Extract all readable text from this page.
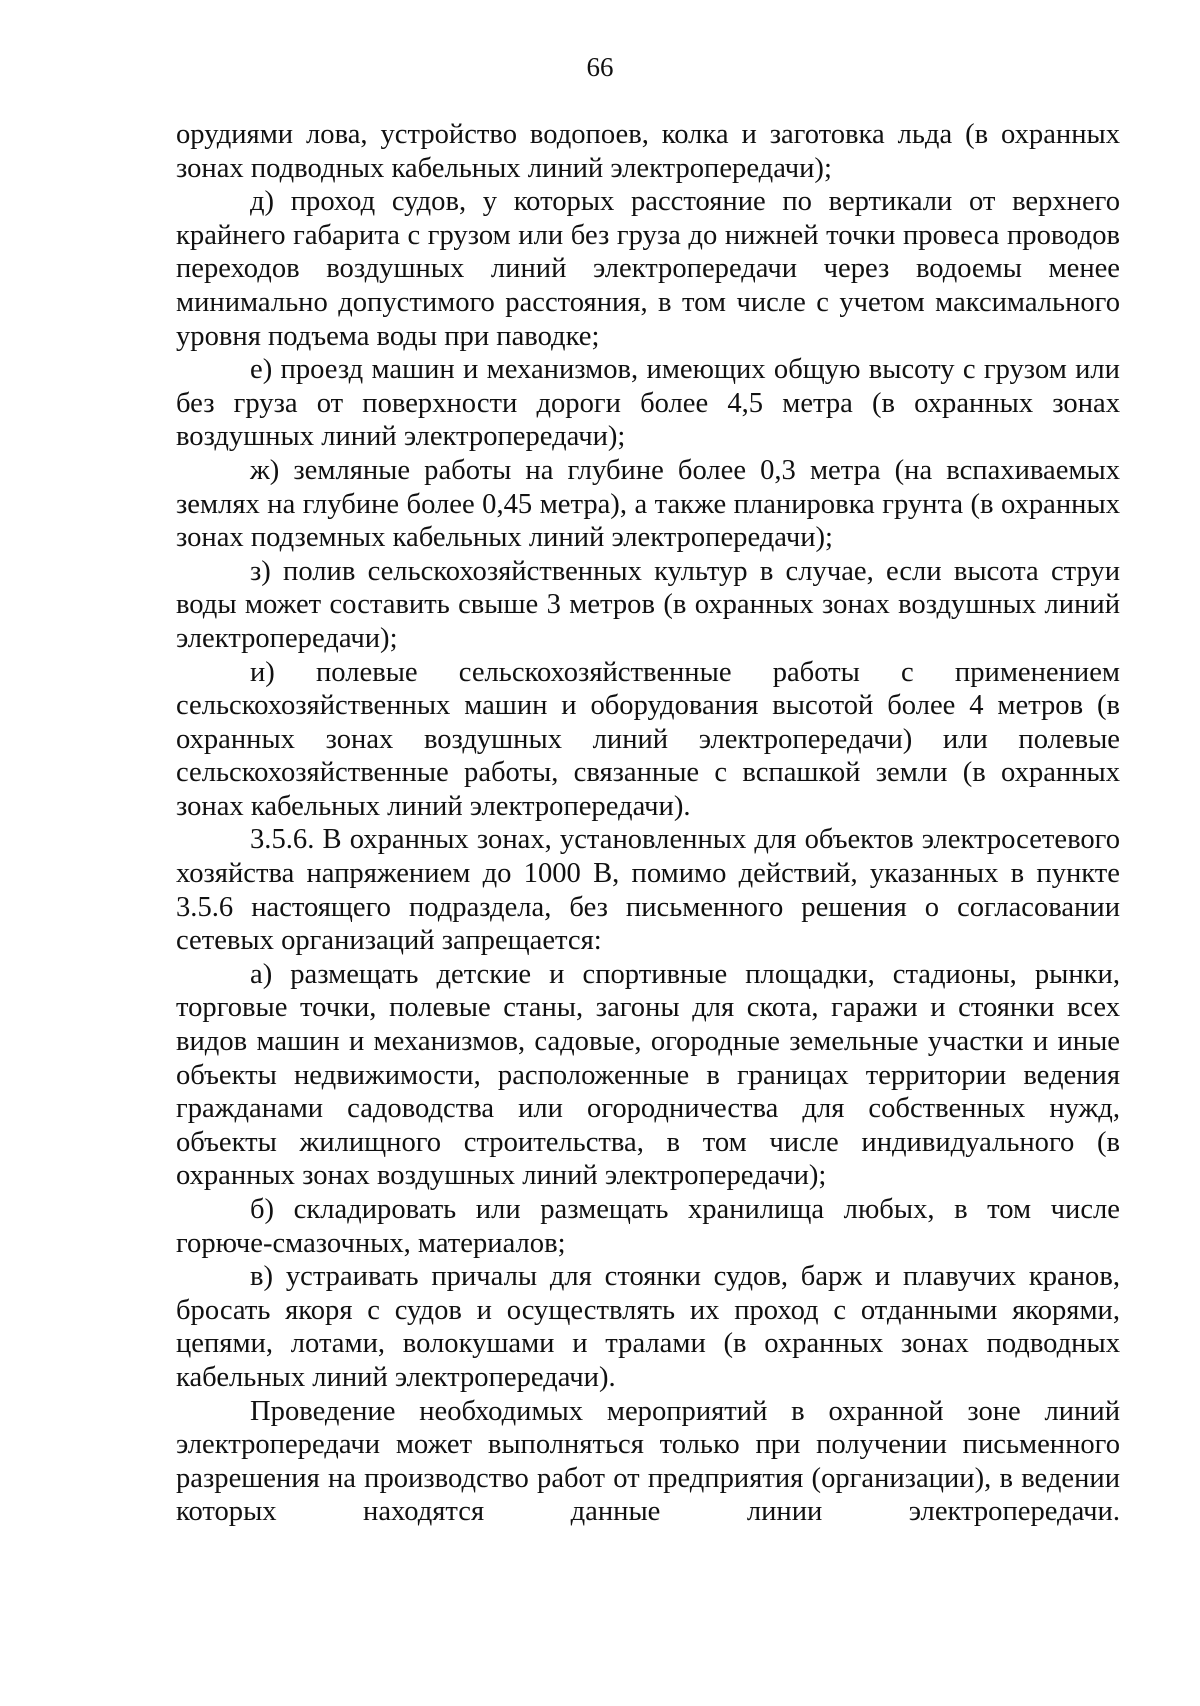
66

орудиями лова, устройство водопоев, колка и заготовка льда (в охранных зонах подводных кабельных линий электропередачи);

д) проход судов, у которых расстояние по вертикали от верхнего крайнего габарита с грузом или без груза до нижней точки провеса проводов переходов воздушных линий электропередачи через водоемы менее минимально допустимого расстояния, в том числе с учетом максимального уровня подъема воды при паводке;

е) проезд машин и механизмов, имеющих общую высоту с грузом или без груза от поверхности дороги более 4,5 метра (в охранных зонах воздушных линий электропередачи);

ж) земляные работы на глубине более 0,3 метра (на вспахиваемых землях на глубине более 0,45 метра), а также планировка грунта (в охранных зонах подземных кабельных линий электропередачи);

з) полив сельскохозяйственных культур в случае, если высота струи воды может составить свыше 3 метров (в охранных зонах воздушных линий электропередачи);

и) полевые сельскохозяйственные работы с применением сельскохозяйственных машин и оборудования высотой более 4 метров (в охранных зонах воздушных линий электропередачи) или полевые сельскохозяйственные работы, связанные с вспашкой земли (в охранных зонах кабельных линий электропередачи).

3.5.6. В охранных зонах, установленных для объектов электросетевого хозяйства напряжением до 1000 В, помимо действий, указанных в пункте 3.5.6 настоящего подраздела, без письменного решения о согласовании сетевых организаций запрещается:

а) размещать детские и спортивные площадки, стадионы, рынки, торговые точки, полевые станы, загоны для скота, гаражи и стоянки всех видов машин и механизмов, садовые, огородные земельные участки и иные объекты недвижимости, расположенные в границах территории ведения гражданами садоводства или огородничества для собственных нужд, объекты жилищного строительства, в том числе индивидуального (в охранных зонах воздушных линий электропередачи);

б) складировать или размещать хранилища любых, в том числе горюче-смазочных, материалов;

в) устраивать причалы для стоянки судов, барж и плавучих кранов, бросать якоря с судов и осуществлять их проход с отданными якорями, цепями, лотами, волокушами и тралами (в охранных зонах подводных кабельных линий электропередачи).

Проведение необходимых мероприятий в охранной зоне линий электропередачи может выполняться только при получении письменного разрешения на производство работ от предприятия (организации), в ведении которых находятся данные линии электропередачи.
